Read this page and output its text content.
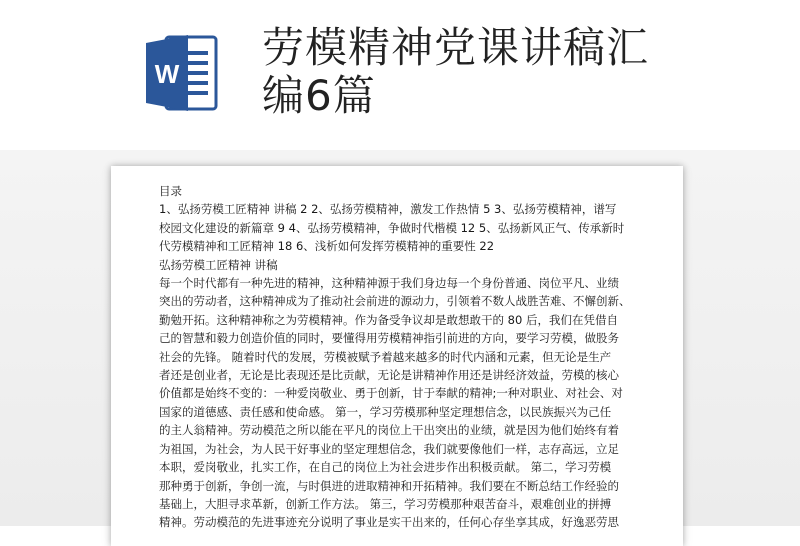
W
劳模精神党课讲稿汇编6篇
目录
1、弘扬劳模工匠精神 讲稿 2 2、弘扬劳模精神，激发工作热情 5 3、弘扬劳模精神，谱写
校园文化建设的新篇章 9 4、弘扬劳模精神，争做时代楷模 12 5、弘扬新风正气、传承新时
代劳模精神和工匠精神 18 6、浅析如何发挥劳模精神的重要性 22
弘扬劳模工匠精神 讲稿
每一个时代都有一种先进的精神，这种精神源于我们身边每一个身份普通、岗位平凡、业绩
突出的劳动者，这种精神成为了推动社会前进的源动力，引领着不数人战胜苦难、不懈创新、
勤勉开拓。这种精神称之为劳模精神。作为备受争议却是敢想敢干的 80 后，我们在凭借自
己的智慧和毅力创造价值的同时，要懂得用劳模精神指引前进的方向，要学习劳模，做股务
社会的先锋。 随着时代的发展，劳模被赋予着越来越多的时代内涵和元素，但无论是生产
者还是创业者，无论是比表现还是比贡献，无论是讲精神作用还是讲经济效益，劳模的核心
价值都是始终不变的：一种爱岗敬业、勇于创新，甘于奉献的精神;一种对职业、对社会、对
国家的道德感、责任感和使命感。 第一，学习劳模那种坚定理想信念，以民族振兴为己任
的主人翁精神。劳动模范之所以能在平凡的岗位上干出突出的业绩，就是因为他们始终有着
为祖国，为社会，为人民干好事业的坚定理想信念，我们就要像他们一样，志存高远，立足
本职，爱岗敬业，扎实工作，在自己的岗位上为社会进步作出积极贡献。 第二，学习劳模
那种勇于创新，争创一流，与时俱进的进取精神和开拓精神。我们要在不断总结工作经验的
基础上，大胆寻求革新，创新工作方法。 第三，学习劳模那种艰苦奋斗，艰难创业的拼搏
精神。劳动模范的先进事迹充分说明了事业是实干出来的，任何心存坐享其成，好逸恶劳思
